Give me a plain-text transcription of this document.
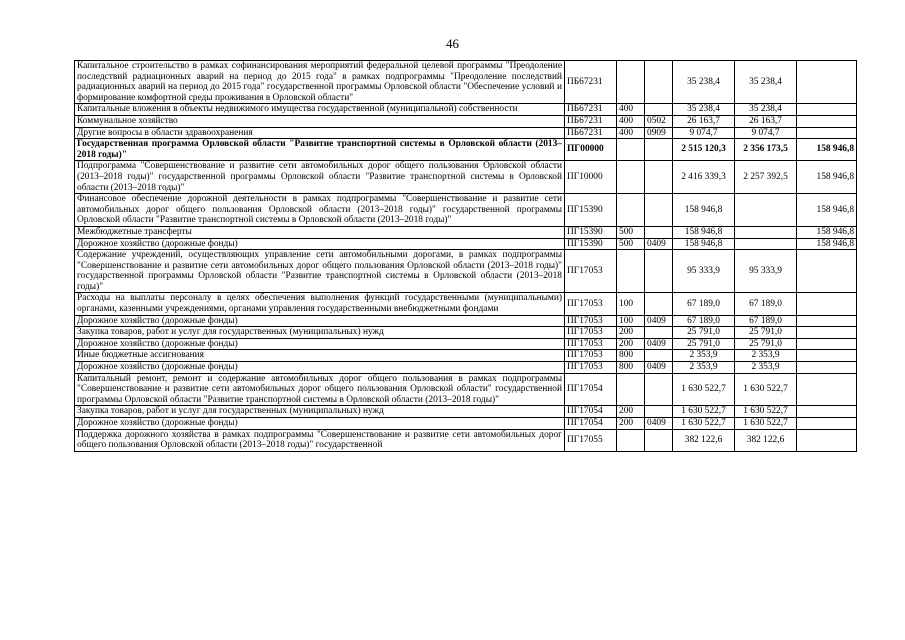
46
Капитальное строительство в рамках софинансирования мероприятий федеральной целевой программы "Преодоление последствий радиационных аварий на период до 2015 года" в рамках подпрограммы "Преодоление последствий радиационных аварий на период до 2015 года" государственной программы Орловской области "Обеспечение условий и формирование комфортной среды проживания в Орловской области"	ПБ67231			35 238,4	35 238,4	
Капитальные вложения в объекты недвижимого имущества государственной (муниципальной) собственности	ПБ67231	400		35 238,4	35 238,4	
Коммунальное хозяйство	ПБ67231	400	0502	26 163,7	26 163,7	
Другие вопросы в области здравоохранения	ПБ67231	400	0909	9 074,7	9 074,7	
Государственная программа Орловской области "Развитие транспортной системы в Орловской области (2013–2018 годы)"	ПГ00000			2 515 120,3	2 356 173,5	158 946,8
Подпрограмма "Совершенствование и развитие сети автомобильных дорог общего пользования Орловской области (2013–2018 годы)" государственной программы Орловской области "Развитие транспортной системы в Орловской области (2013–2018 годы)"	ПГ10000			2 416 339,3	2 257 392,5	158 946,8
Финансовое обеспечение дорожной деятельности в рамках подпрограммы "Совершенствование и развитие сети автомобильных дорог общего пользования Орловской области (2013–2018 годы)" государственной программы Орловской области "Развитие транспортной системы в Орловской области (2013–2018 годы)"	ПГ15390			158 946,8		158 946,8
Межбюджетные трансферты	ПГ15390	500		158 946,8		158 946,8
Дорожное хозяйство (дорожные фонды)	ПГ15390	500	0409	158 946,8		158 946,8
Содержание учреждений, осуществляющих управление сети автомобильными дорогами, в рамках подпрограммы "Совершенствование и развитие сети автомобильных дорог общего пользования Орловской области (2013–2018 годы)" государственной программы Орловской области "Развитие транспортной системы в Орловской области (2013–2018 годы)"	ПГ17053			95 333,9	95 333,9	
Расходы на выплаты персоналу в целях обеспечения выполнения функций государственными (муниципальными) органами, казенными учреждениями, органами управления государственными внебюджетными фондами	ПГ17053	100		67 189,0	67 189,0	
Дорожное хозяйство (дорожные фонды)	ПГ17053	100	0409	67 189,0	67 189,0	
Закупка товаров, работ и услуг для государственных (муниципальных) нужд	ПГ17053	200		25 791,0	25 791,0	
Дорожное хозяйство (дорожные фонды)	ПГ17053	200	0409	25 791,0	25 791,0	
Иные бюджетные ассигнования	ПГ17053	800		2 353,9	2 353,9	
Дорожное хозяйство (дорожные фонды)	ПГ17053	800	0409	2 353,9	2 353,9	
Капитальный ремонт, ремонт и содержание автомобильных дорог общего пользования в рамках подпрограммы "Совершенствование и развитие сети автомобильных дорог общего пользования Орловской области" государственной программы Орловской области "Развитие транспортной системы в Орловской области (2013–2018 годы)"	ПГ17054			1 630 522,7	1 630 522,7	
Закупка товаров, работ и услуг для государственных (муниципальных) нужд	ПГ17054	200		1 630 522,7	1 630 522,7	
Дорожное хозяйство (дорожные фонды)	ПГ17054	200	0409	1 630 522,7	1 630 522,7	
Поддержка дорожного хозяйства в рамках подпрограммы "Совершенствование и развитие сети автомобильных дорог общего пользования Орловской области (2013–2018 годы)" государственной	ПГ17055			382 122,6	382 122,6	
